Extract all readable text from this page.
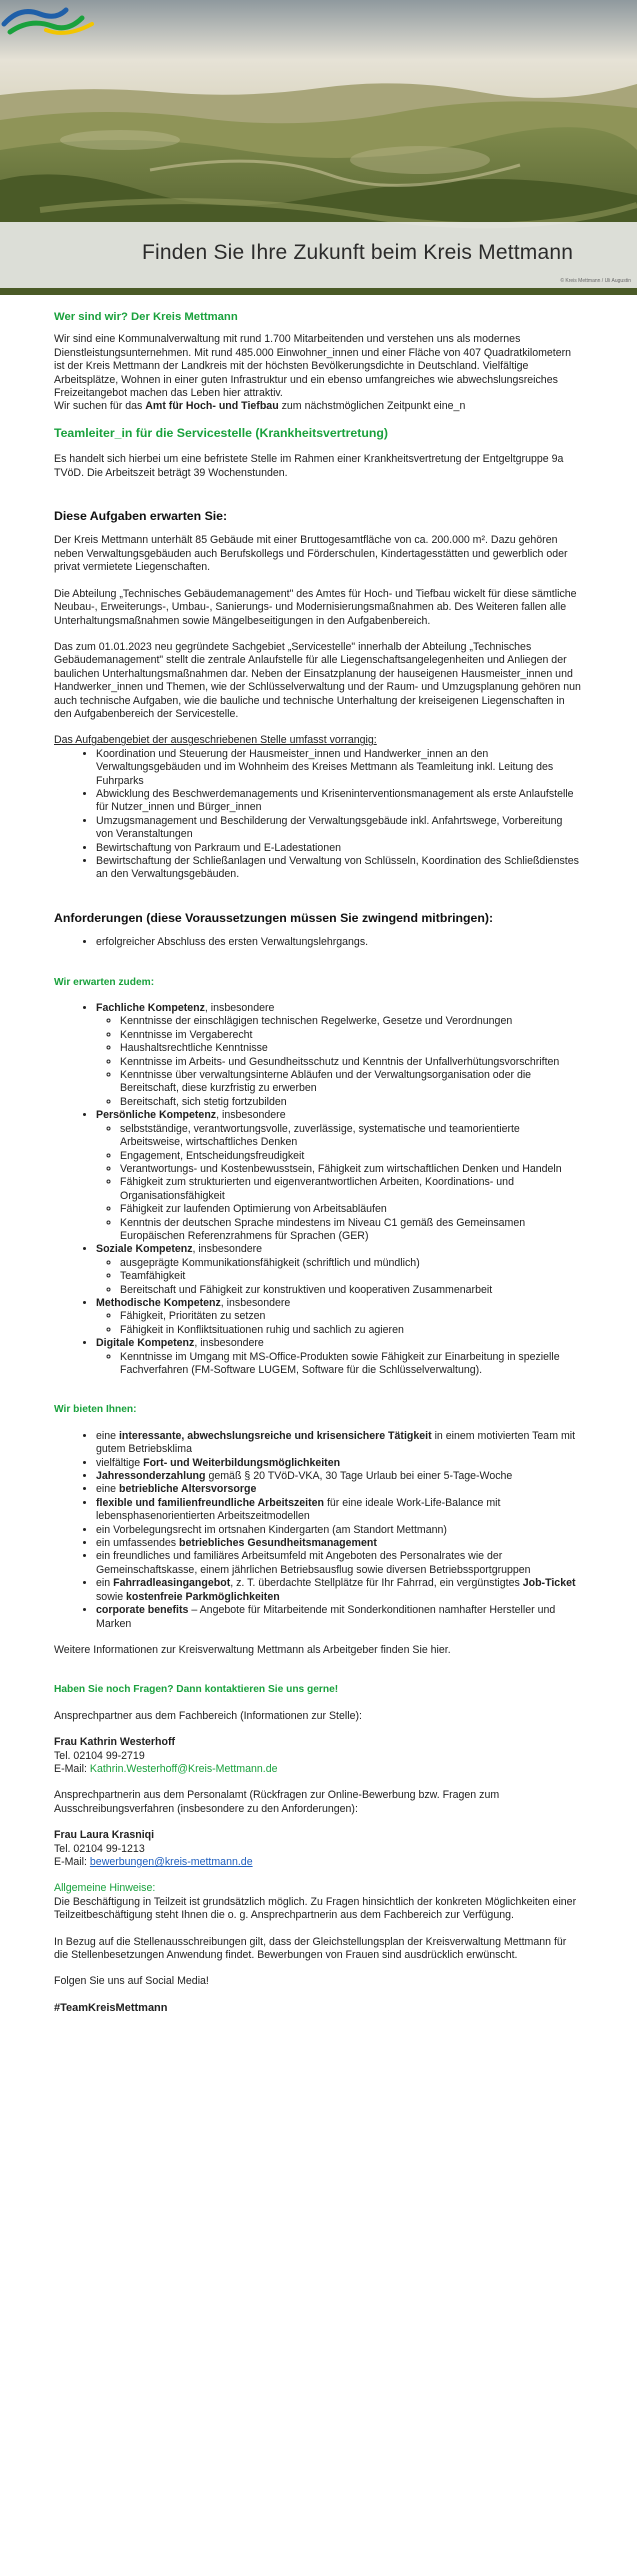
Finden Sie Ihre Zukunft beim Kreis Mettmann
© Kreis Mettmann / Uli Augustin
Wer sind wir? Der Kreis Mettmann

Wir sind eine Kommunalverwaltung mit rund 1.700 Mitarbeitenden und verstehen uns als modernes Dienstleistungsunternehmen. Mit rund 485.000 Einwohner_innen und einer Fläche von 407 Quadratkilometern ist der Kreis Mettmann der Landkreis mit der höchsten Bevölkerungsdichte in Deutschland. Vielfältige Arbeitsplätze, Wohnen in einer guten Infrastruktur und ein ebenso umfangreiches wie abwechslungsreiches Freizeitangebot machen das Leben hier attraktiv.
Wir suchen für das Amt für Hoch- und Tiefbau zum nächstmöglichen Zeitpunkt eine_n

Teamleiter_in für die Servicestelle (Krankheitsvertretung)

Es handelt sich hierbei um eine befristete Stelle im Rahmen einer Krankheitsvertretung der Entgeltgruppe 9a TVöD. Die Arbeitszeit beträgt 39 Wochenstunden.

Diese Aufgaben erwarten Sie:

Der Kreis Mettmann unterhält 85 Gebäude mit einer Bruttogesamtfläche von ca. 200.000 m². Dazu gehören neben Verwaltungsgebäuden auch Berufskollegs und Förderschulen, Kindertagesstätten und gewerblich oder privat vermietete Liegenschaften.

Die Abteilung „Technisches Gebäudemanagement" des Amtes für Hoch- und Tiefbau wickelt für diese sämtliche Neubau-, Erweiterungs-, Umbau-, Sanierungs- und Modernisierungsmaßnahmen ab. Des Weiteren fallen alle Unterhaltungsmaßnahmen sowie Mängelbeseitigungen in den Aufgabenbereich.

Das zum 01.01.2023 neu gegründete Sachgebiet „Servicestelle" innerhalb der Abteilung „Technisches Gebäudemanagement" stellt die zentrale Anlaufstelle für alle Liegenschaftsangelegenheiten und Anliegen der baulichen Unterhaltungsmaßnahmen dar. Neben der Einsatzplanung der hauseigenen Hausmeister_innen und Handwerker_innen und Themen, wie der Schlüsselverwaltung und der Raum- und Umzugsplanung gehören nun auch technische Aufgaben, wie die bauliche und technische Unterhaltung der kreiseigenen Liegenschaften in den Aufgabenbereich der Servicestelle.

Das Aufgabengebiet der ausgeschriebenen Stelle umfasst vorrangig:

• Koordination und Steuerung der Hausmeister_innen und Handwerker_innen an den Verwaltungsgebäuden und im Wohnheim des Kreises Mettmann als Teamleitung inkl. Leitung des Fuhrparks
• Abwicklung des Beschwerdemanagements und Kriseninterventionsmanagement als erste Anlaufstelle für Nutzer_innen und Bürger_innen
• Umzugsmanagement und Beschilderung der Verwaltungsgebäude inkl. Anfahrtswege, Vorbereitung von Veranstaltungen
• Bewirtschaftung von Parkraum und E-Ladestationen
• Bewirtschaftung der Schließanlagen und Verwaltung von Schlüsseln, Koordination des Schließdienstes an den Verwaltungsgebäuden.
Anforderungen (diese Voraussetzungen müssen Sie zwingend mitbringen):
• erfolgreicher Abschluss des ersten Verwaltungslehrgangs.
Wir erwarten zudem:
• Fachliche Kompetenz, insbesondere
◦ Kenntnisse der einschlägigen technischen Regelwerke, Gesetze und Verordnungen
◦ Kenntnisse im Vergaberecht
◦ Haushaltsrechtliche Kenntnisse
◦ Kenntnisse im Arbeits- und Gesundheitsschutz und Kenntnis der Unfallverhütungsvorschriften
◦ Kenntnisse über verwaltungsinterne Abläufen und der Verwaltungsorganisation oder die Bereitschaft, diese kurzfristig zu erwerben
◦ Bereitschaft, sich stetig fortzubilden
• Persönliche Kompetenz, insbesondere
◦ selbstständige, verantwortungsvolle, zuverlässige, systematische und teamorientierte Arbeitsweise, wirtschaftliches Denken
◦ Engagement, Entscheidungsfreudigkeit
◦ Verantwortungs- und Kostenbewusstsein, Fähigkeit zum wirtschaftlichen Denken und Handeln
◦ Fähigkeit zum strukturierten und eigenverantwortlichen Arbeiten, Koordinations- und Organisationsfähigkeit
◦ Fähigkeit zur laufenden Optimierung von Arbeitsabläufen
◦ Kenntnis der deutschen Sprache mindestens im Niveau C1 gemäß des Gemeinsamen Europäischen Referenzrahmens für Sprachen (GER)
• Soziale Kompetenz, insbesondere
◦ ausgeprägte Kommunikationsfähigkeit (schriftlich und mündlich)
◦ Teamfähigkeit
◦ Bereitschaft und Fähigkeit zur konstruktiven und kooperativen Zusammenarbeit
• Methodische Kompetenz, insbesondere
◦ Fähigkeit, Prioritäten zu setzen
◦ Fähigkeit in Konfliktsituationen ruhig und sachlich zu agieren
• Digitale Kompetenz, insbesondere
◦ Kenntnisse im Umgang mit MS-Office-Produkten sowie Fähigkeit zur Einarbeitung in spezielle Fachverfahren (FM-Software LUGEM, Software für die Schlüsselverwaltung).
Wir bieten Ihnen:
• eine interessante, abwechslungsreiche und krisensichere Tätigkeit in einem motivierten Team mit gutem Betriebsklima
• vielfältige Fort- und Weiterbildungsmöglichkeiten
• Jahressonderzahlung gemäß § 20 TVöD-VKA, 30 Tage Urlaub bei einer 5-Tage-Woche
• eine betriebliche Altersvorsorge
• flexible und familienfreundliche Arbeitszeiten für eine ideale Work-Life-Balance mit lebensphasenorientierten Arbeitszeitmodellen
• ein Vorbelegungsrecht im ortsnahen Kindergarten (am Standort Mettmann)
• ein umfassendes betriebliches Gesundheitsmanagement
• ein freundliches und familiäres Arbeitsumfeld mit Angeboten des Personalrates wie der Gemeinschaftskasse, einem jährlichen Betriebsausflug sowie diversen Betriebssportgruppen
• ein Fahrradleasingangebot, z. T. überdachte Stellplätze für Ihr Fahrrad, ein vergünstigtes Job-Ticket sowie kostenfreie Parkmöglichkeiten
• corporate benefits – Angebote für Mitarbeitende mit Sonderkonditionen namhafter Hersteller und Marken

Weitere Informationen zur Kreisverwaltung Mettmann als Arbeitgeber finden Sie hier.

Haben Sie noch Fragen? Dann kontaktieren Sie uns gerne!

Ansprechpartner aus dem Fachbereich (Informationen zur Stelle):

Frau Kathrin Westerhoff

Tel. 02104 99-2719

E-Mail: Kathrin.Westerhoff@Kreis-Mettmann.de

Ansprechpartnerin aus dem Personalamt (Rückfragen zur Online-Bewerbung bzw. Fragen zum Ausschreibungsverfahren (insbesondere zu den Anforderungen):

Frau Laura Krasniqi

Tel. 02104 99-1213

E-Mail: bewerbungen@kreis-mettmann.de

Allgemeine Hinweise:

Die Beschäftigung in Teilzeit ist grundsätzlich möglich. Zu Fragen hinsichtlich der konkreten Möglichkeiten einer Teilzeitbeschäftigung steht Ihnen die o. g. Ansprechpartnerin aus dem Fachbereich zur Verfügung.

In Bezug auf die Stellenausschreibungen gilt, dass der Gleichstellungsplan der Kreisverwaltung Mettmann für die Stellenbesetzungen Anwendung findet. Bewerbungen von Frauen sind ausdrücklich erwünscht.

Folgen Sie uns auf Social Media!

#TeamKreisMettmann
